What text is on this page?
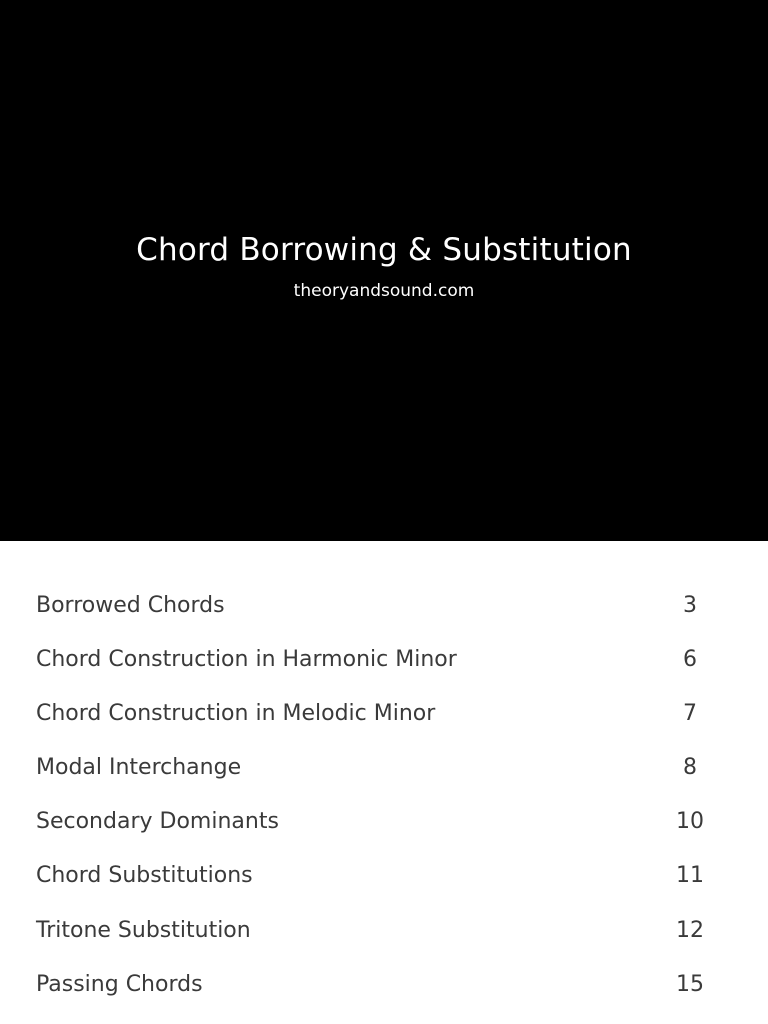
Chord Borrowing & Substitution
theoryandsound.com
Borrowed Chords	3
Chord Construction in Harmonic Minor	6
Chord Construction in Melodic Minor	7
Modal Interchange	8
Secondary Dominants	10
Chord Substitutions	11
Tritone Substitution	12
Passing Chords	15
